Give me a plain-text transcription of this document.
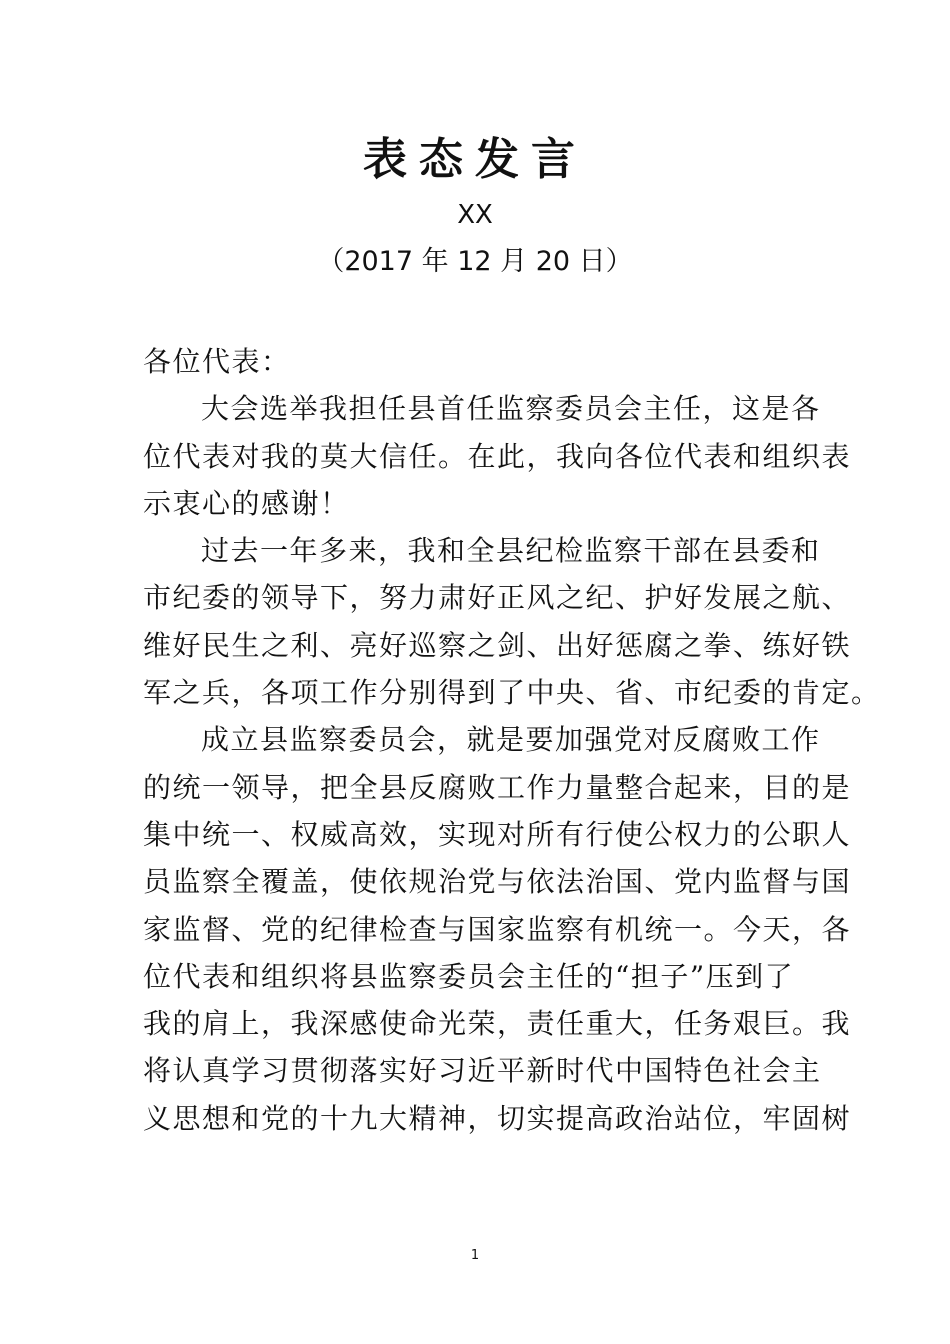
表态发言
XX
（2017 年 12 月 20 日）
各位代表：
大会选举我担任县首任监察委员会主任，这是各
位代表对我的莫大信任。在此，我向各位代表和组织表
示衷心的感谢！
过去一年多来，我和全县纪检监察干部在县委和
市纪委的领导下，努力肃好正风之纪、护好发展之航、
维好民生之利、亮好巡察之剑、出好惩腐之拳、练好铁
军之兵，各项工作分别得到了中央、省、市纪委的肯定。
成立县监察委员会，就是要加强党对反腐败工作
的统一领导，把全县反腐败工作力量整合起来，目的是
集中统一、权威高效，实现对所有行使公权力的公职人
员监察全覆盖，使依规治党与依法治国、党内监督与国
家监督、党的纪律检查与国家监察有机统一。今天，各
位代表和组织将县监察委员会主任的“担子”压到了
我的肩上，我深感使命光荣，责任重大，任务艰巨。我
将认真学习贯彻落实好习近平新时代中国特色社会主
义思想和党的十九大精神，切实提高政治站位，牢固树
1
